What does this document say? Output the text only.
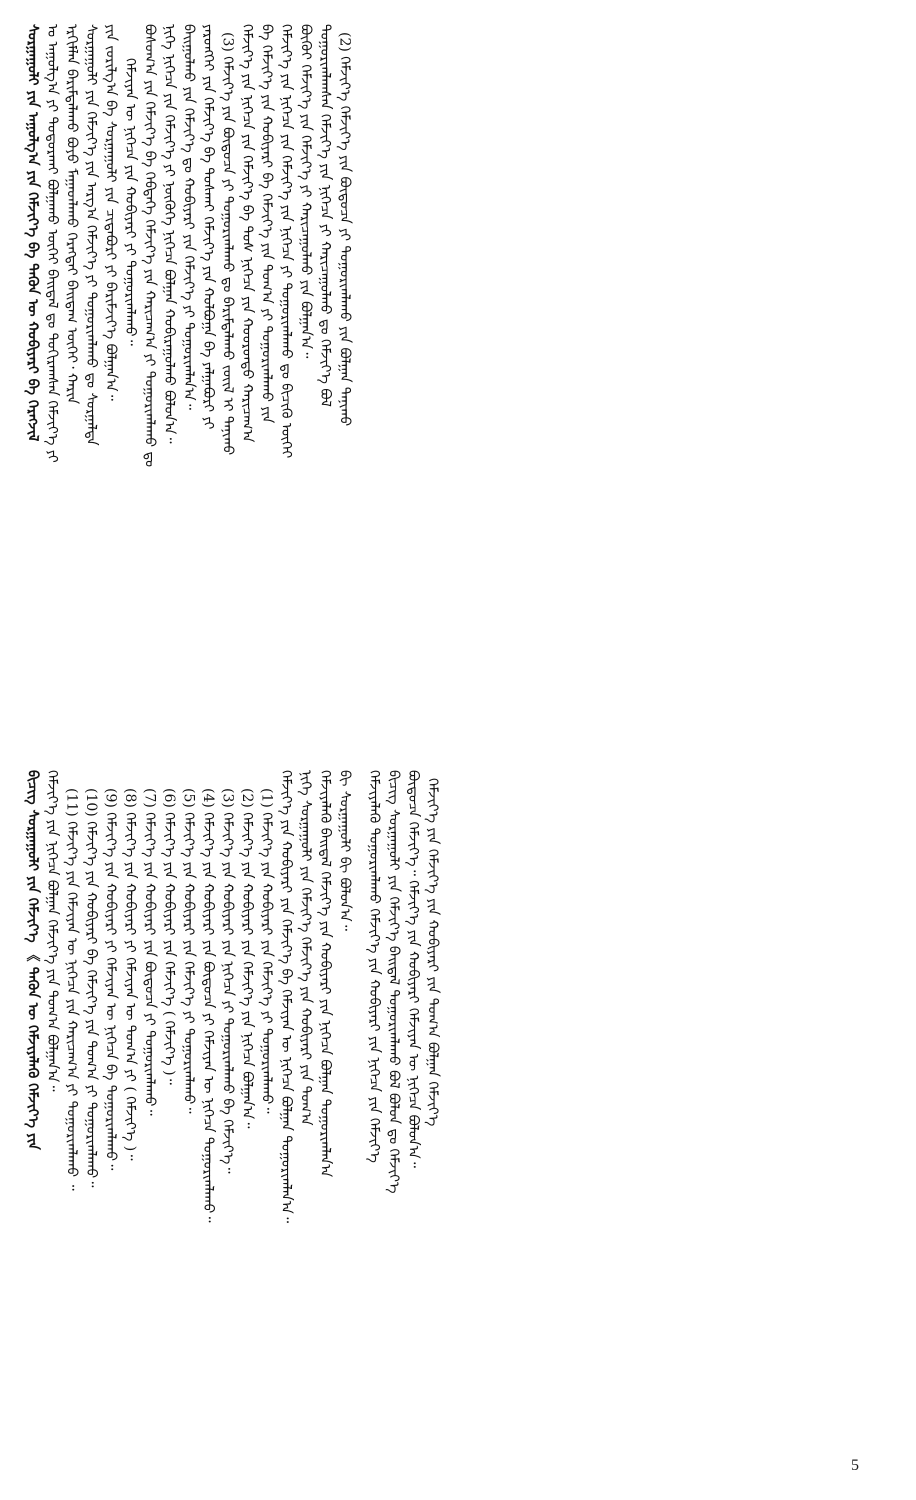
ᠰᠤᠷᠭᠠᠭᠤᠯᠢ ᠶᠢᠨ ᠠᠭᠤᠯᠭ᠎ᠠ ᠶᠢᠨ ᠬᠡᠮᠵᠢᠶ᠎ᠡ ᠪᠠ ᠲᠡᠭᠦᠨ ᠦ ᠬᠤᠪᠢᠶᠠᠷᠢ ᠪᠠ ᠬᠡᠷᠡᠭᠵᠢᠯ ᠤ ᠠᠭᠤᠯᠭ᠎ᠠ ᠶᠢ ᠲᠤᠳᠤᠷᠬᠠᠢ ᠪᠤᠯᠭᠠᠬᠤ ᠦᠭᠡᠢ ᠪᠠᠢᠳᠠᠯ ᠳᠤ ᠲᠤᠬᠢᠷᠠᠭᠰᠠᠨ ᠬᠡᠮᠵᠢᠶ᠎ᠡ ᠶᠢ ᠡᠷᠬᠢᠮᠯᠡᠨ ᠪᠠᠷᠢᠮᠲᠠᠯᠠᠬᠤ ᠪᠤᠶᠤ ᠮᠠᠭᠠᠳᠯᠠᠬᠤ ᠬᠡᠷᠡᠭᠲᠡᠢ ᠪᠠᠢᠳᠠᠭ ᠦᠭᠡᠢ᠂ ᠬᠠᠷᠢᠨ ᠰᠤᠷᠭᠠᠭᠤᠯᠢ ᠶᠢᠨ ᠬᠡᠮᠵᠢᠶ᠎ᠡ ᠶᠢᠨ ᠠᠷᠭ᠎ᠠ ᠬᠡᠮᠵᠢᠶ᠎ᠡ ᠶᠢ ᠲᠤᠭᠤᠷᠢᠭᠯᠠᠬᠤ ᠳᠤ ᠰᠤᠷᠭᠠᠯᠲᠠ ᠶᠢᠨ ᠵᠤᠷᠢᠯᠭ᠎ᠠ ᠪᠠ ᠰᠤᠷᠭᠠᠭᠤᠯᠢ ᠶᠢᠨ ᠴᠢᠳᠠᠪᠤᠷᠢ ᠶᠢ ᠪᠠᠷᠢᠮᠵᠢᠶ᠎ᠡ ᠪᠣᠯᠭᠠᠨ᠎ᠠ᠃ ᠬᠡᠮᠵᠢᠶᠡᠨ ᠦ ᠨᠢᠭᠡᠴᠡ ᠶᠢᠨ ᠬᠤᠪᠢᠶᠠᠷᠢ ᠶᠢ ᠲᠤᠭᠤᠷᠢᠭᠯᠠᠬᠤ᠃ ᠪᠣᠰᠣᠭ᠎ᠠ ᠶᠢᠨ ᠬᠡᠮᠵᠢᠶ᠎ᠡ ᠪᠠ ᠬᠡᠪᠲᠡᠭᠡ ᠬᠡᠮᠵᠢᠶ᠎ᠡ ᠶᠢᠨ ᠬᠠᠷᠢᠴᠠᠭ᠎ᠠ ᠶᠢ ᠲᠤᠭᠤᠷᠢᠭᠯᠠᠬᠤ ᠳᠤ ᠨᠢᠭᠡ ᠨᠢᠭᠡᠴᠡ ᠶᠢᠨ ᠬᠡᠮᠵᠢᠶ᠎ᠡ ᠶᠢ ᠨᠦᠭᠦᠭᠡ ᠨᠢᠭᠡᠴᠡ ᠪᠣᠯᠭᠠᠨ ᠬᠤᠪᠢᠷᠠᠭᠤᠯᠬᠤ ᠪᠣᠯᠤᠨ᠎ᠠ᠃ ᠪᠠᠢᠭᠤᠯᠬᠤ ᠶᠢᠨ ᠬᠡᠮᠵᠢᠶ᠎ᠡ ᠳᠤ ᠬᠤᠪᠢᠶᠠᠷᠢ ᠶᠢᠨ ᠬᠡᠮᠵᠢᠶ᠎ᠡ ᠶᠢ ᠲᠤᠭᠤᠷᠢᠭᠯᠠᠨ᠎ᠠ᠃ ᠶᠡᠷᠦᠩᠬᠡᠢ ᠶᠢᠨ ᠬᠡᠮᠵᠢᠶ᠎ᠡ ᠪᠠ ᠲᠤᠰᠬᠠᠢ ᠬᠡᠮᠵᠢᠶ᠎ᠡ ᠶᠢᠨ ᠬᠣᠯᠪᠣᠭᠠ ᠪᠠ ᠶᠠᠯᠭᠠᠪᠤᠷᠢ ᠶᠢ (3) ᠬᠡᠮᠵᠢᠶ᠎ᠡ ᠶᠢᠨ ᠪᠦᠲᠦᠴᠡ ᠶᠢ ᠲᠤᠭᠤᠷᠢᠭᠯᠠᠬᠤ ᠳᠤ ᠪᠠᠷᠢᠮᠲᠠᠯᠠᠬᠤ ᠵᠦᠢᠯ ᠢ ᠲᠠᠨᠢᠬᠤ ᠬᠡᠮᠵᠢᠶ᠎ᠡ ᠶᠢᠨ ᠨᠢᠭᠡᠴᠡ ᠶᠢᠨ ᠬᠡᠮᠵᠢᠶ᠎ᠡ ᠪᠠ ᠲᠤᠰ ᠨᠢᠭᠡᠴᠡ ᠶᠢᠨ ᠬᠣᠤᠷᠤᠨᠳᠤ ᠬᠠᠷᠢᠴᠠᠭ᠎ᠠ ᠪᠠ ᠬᠡᠮᠵᠢᠶ᠎ᠡ ᠶᠢᠨ ᠬᠤᠪᠢᠶᠠᠷᠢ ᠪᠠ ᠬᠡᠮᠵᠢᠶ᠎ᠡ ᠶᠢᠨ ᠲᠣᠭ᠎ᠠ ᠶᠢ ᠲᠤᠭᠤᠷᠢᠭᠯᠠᠬᠤ ᠶᠢᠨ ᠬᠡᠮᠵᠢᠶ᠎ᠡ ᠶᠢᠨ ᠨᠢᠭᠡᠴᠡ ᠶᠢᠨ ᠬᠡᠮᠵᠢᠶ᠎ᠡ ᠶᠢᠨ ᠨᠢᠭᠡᠴᠡ ᠶᠢ ᠲᠤᠭᠤᠷᠢᠭᠯᠠᠬᠤ ᠳᠤ ᠪᠢᠴᠢᠬᠦ ᠦᠭᠡᠢ ᠪᠦᠬᠦᠢ ᠬᠡᠮᠵᠢᠶ᠎ᠡ ᠶᠢᠨ ᠬᠡᠮᠵᠢᠶ᠎ᠡ ᠶᠢ ᠬᠠᠷᠢᠴᠠᠭᠤᠯᠬᠤ ᠶᠢᠨ ᠪᠣᠯᠭᠠᠨ᠎ᠠ᠃ ᠲᠤᠭᠤᠷᠢᠭᠯᠠᠭᠰᠠᠨ ᠬᠡᠮᠵᠢᠶ᠎ᠡ ᠶᠢᠨ ᠨᠢᠭᠡᠴᠡ ᠶᠢ ᠬᠠᠷᠢᠴᠠᠭᠤᠯᠬᠤ ᠳᠤ ᠬᠡᠮᠵᠢᠶ᠎ᠡ ᠪᠣᠯ (2) ᠬᠡᠮᠵᠢᠶ᠎ᠡ ᠬᠡᠮᠵᠢᠶ᠎ᠡ ᠶᠢᠨ ᠪᠦᠲᠦᠴᠡ ᠶᠢ ᠲᠤᠭᠤᠷᠢᠭᠯᠠᠬᠤ ᠶᠢᠨ ᠪᠣᠯᠭᠠᠨ ᠲᠠᠨᠢᠬᠤ
ᠪᠢᠴᠢᠭ᠌ ᠰᠤᠷᠭᠠᠭᠤᠯᠢ ᠶᠢᠨ ᠬᠡᠮᠵᠢᠶ᠎ᠡ 《 ᠲᠡᠭᠦᠨ ᠦ ᠬᠡᠮᠵᠢᠶᠡᠯᠡᠬᠦ ᠬᠡᠮᠵᠢᠶ᠎ᠡ ᠶᠢᠨ ᠬᠡᠮᠵᠢᠶ᠎ᠡ ᠶᠢᠨ ᠨᠢᠭᠡᠴᠡ ᠪᠣᠯᠭᠠᠨ ᠬᠡᠮᠵᠢᠶ᠎ᠡ ᠶᠢᠨ ᠲᠣᠭ᠎ᠠ ᠪᠣᠯᠭᠠᠨ᠎ᠠ᠃ (11) ᠬᠡᠮᠵᠢᠶ᠎ᠡ ᠶᠢᠨ ᠬᠡᠮᠵᠢᠶᠡᠨ ᠦ ᠨᠢᠭᠡᠴᠡ ᠶᠢᠨ ᠬᠠᠷᠢᠴᠠᠭ᠎ᠠ ᠶᠢ ᠲᠤᠭᠤᠷᠢᠭᠯᠠᠬᠤ ᠃ (10) ᠬᠡᠮᠵᠢᠶ᠎ᠡ ᠶᠢᠨ ᠬᠤᠪᠢᠶᠠᠷᠢ ᠪᠠ ᠬᠡᠮᠵᠢᠶ᠎ᠡ ᠶᠢᠨ ᠲᠣᠭ᠎ᠠ ᠶᠢ ᠲᠤᠭᠤᠷᠢᠭᠯᠠᠬᠤ᠃ (9) ᠬᠡᠮᠵᠢᠶ᠎ᠡ ᠶᠢᠨ ᠬᠤᠪᠢᠶᠠᠷᠢ ᠶᠢ ᠬᠡᠮᠵᠢᠶᠡᠨ ᠦ ᠨᠢᠭᠡᠴᠡ ᠪᠠ ᠲᠤᠭᠤᠷᠢᠭᠯᠠᠬᠤ᠃ (8) ᠬᠡᠮᠵᠢᠶ᠎ᠡ ᠶᠢᠨ ᠬᠤᠪᠢᠶᠠᠷᠢ ᠶᠢ ᠬᠡᠮᠵᠢᠶᠡᠨ ᠦ ᠲᠣᠭ᠎ᠠ ᠶᠢ ( ᠬᠡᠮᠵᠢᠶ᠎ᠡ )᠃ (7) ᠬᠡᠮᠵᠢᠶ᠎ᠡ ᠶᠢᠨ ᠬᠤᠪᠢᠶᠠᠷᠢ ᠶᠢᠨ ᠪᠦᠲᠦᠴᠡ ᠶᠢ ᠲᠤᠭᠤᠷᠢᠭᠯᠠᠬᠤ᠃ (6) ᠬᠡᠮᠵᠢᠶ᠎ᠡ ᠶᠢᠨ ᠬᠤᠪᠢᠶᠠᠷᠢ ᠶᠢᠨ ᠬᠡᠮᠵᠢᠶ᠎ᠡ ( ᠬᠡᠮᠵᠢᠶ᠎ᠡ )᠃ (5) ᠬᠡᠮᠵᠢᠶ᠎ᠡ ᠶᠢᠨ ᠬᠤᠪᠢᠶᠠᠷᠢ ᠶᠢᠨ ᠬᠡᠮᠵᠢᠶ᠎ᠡ ᠶᠢ ᠲᠤᠭᠤᠷᠢᠭᠯᠠᠬᠤ᠃ (4) ᠬᠡᠮᠵᠢᠶ᠎ᠡ ᠶᠢᠨ ᠬᠤᠪᠢᠶᠠᠷᠢ ᠶᠢᠨ ᠪᠦᠲᠦᠴᠡ ᠶᠢ ᠬᠡᠮᠵᠢᠶᠡᠨ ᠦ ᠨᠢᠭᠡᠴᠡ ᠲᠤᠭᠤᠷᠢᠭᠯᠠᠬᠤ᠃ (3) ᠬᠡᠮᠵᠢᠶ᠎ᠡ ᠶᠢᠨ ᠬᠤᠪᠢᠶᠠᠷᠢ ᠶᠢᠨ ᠨᠢᠭᠡᠴᠡ ᠶᠢ ᠲᠤᠭᠤᠷᠢᠭᠯᠠᠬᠤ ᠪᠠ ᠬᠡᠮᠵᠢᠶ᠎ᠡ᠃ (2) ᠬᠡᠮᠵᠢᠶ᠎ᠡ ᠶᠢᠨ ᠬᠤᠪᠢᠶᠠᠷᠢ ᠶᠢᠨ ᠬᠡᠮᠵᠢᠶ᠎ᠡ ᠶᠢᠨ ᠨᠢᠭᠡᠴᠡ ᠪᠣᠯᠭᠠᠨ᠎ᠠ᠃ (1) ᠬᠡᠮᠵᠢᠶ᠎ᠡ ᠶᠢᠨ ᠬᠤᠪᠢᠶᠠᠷᠢ ᠶᠢᠨ ᠬᠡᠮᠵᠢᠶ᠎ᠡ ᠶᠢ ᠲᠤᠭᠤᠷᠢᠭᠯᠠᠬᠤ᠃ ᠬᠡᠮᠵᠢᠶ᠎ᠡ ᠶᠢᠨ ᠬᠤᠪᠢᠶᠠᠷᠢ ᠶᠢᠨ ᠬᠡᠮᠵᠢᠶ᠎ᠡ ᠪᠠ ᠬᠡᠮᠵᠢᠶᠡᠨ ᠦ ᠨᠢᠭᠡᠴᠡ ᠪᠣᠯᠭᠠᠨ ᠲᠤᠭᠤᠷᠢᠭᠯᠠᠨ᠎ᠠ᠃ ᠨᠢᠭᠡ ᠰᠤᠷᠭᠠᠭᠤᠯᠢ ᠶᠢᠨ ᠬᠡᠮᠵᠢᠶ᠎ᠡ ᠬᠡᠮᠵᠢᠶ᠎ᠡ ᠶᠢᠨ ᠬᠤᠪᠢᠶᠠᠷᠢ ᠶᠢᠨ ᠲᠣᠭ᠎ᠠ ᠬᠡᠮᠵᠢᠶᠡᠯᠡᠬᠦ ᠪᠠᠢᠳᠠᠯ ᠬᠡᠮᠵᠢᠶ᠎ᠡ ᠶᠢᠨ ᠬᠤᠪᠢᠶᠠᠷᠢ ᠶᠢᠨ ᠨᠢᠭᠡᠴᠡ ᠪᠣᠯᠭᠠᠨ ᠲᠤᠭᠤᠷᠢᠭᠯᠠᠨ᠎ᠠ ᠪᠢ ᠰᠤᠷᠭᠠᠭᠤᠯᠢ ᠪᠢ ᠪᠣᠯᠤᠨ᠎ᠠ᠃ ᠬᠡᠮᠵᠢᠶᠡᠯᠡᠬᠦ ᠲᠤᠭᠤᠷᠢᠭᠯᠠᠬᠤ ᠬᠡᠮᠵᠢᠶ᠎ᠡ ᠶᠢᠨ ᠬᠤᠪᠢᠶᠠᠷᠢ ᠶᠢᠨ ᠨᠢᠭᠡᠴᠡ ᠶᠢᠨ ᠬᠡᠮᠵᠢᠶ᠎ᠡ ᠪᠢᠴᠢᠭ᠌ ᠰᠤᠷᠭᠠᠭᠤᠯᠢ ᠶᠢᠨ ᠬᠡᠮᠵᠢᠶ᠎ᠡ ᠪᠠᠢᠳᠠᠯ ᠲᠤᠭᠤᠷᠢᠭᠯᠠᠬᠤ ᠪᠣᠯ ᠪᠣᠯᠤᠨ ᠳᠤ ᠬᠡᠮᠵᠢᠶ᠎ᠡ ᠪᠦᠲᠦᠴᠡ ᠬᠡᠮᠵᠢᠶ᠎ᠡ᠃ ᠬᠡᠮᠵᠢᠶ᠎ᠡ ᠶᠢᠨ ᠬᠤᠪᠢᠶᠠᠷᠢ ᠬᠡᠮᠵᠢᠶᠡᠨ ᠦ ᠨᠢᠭᠡᠴᠡ ᠪᠣᠯᠤᠨ᠎ᠠ᠃ ᠬᠡᠮᠵᠢᠶ᠎ᠡ ᠶᠢᠨ ᠬᠡᠮᠵᠢᠶ᠎ᠡ ᠶᠢᠨ ᠬᠤᠪᠢᠶᠠᠷᠢ ᠶᠢᠨ ᠲᠣᠭ᠎ᠠ ᠪᠣᠯᠭᠠᠨ ᠬᠡᠮᠵᠢᠶ᠎ᠡ
5
